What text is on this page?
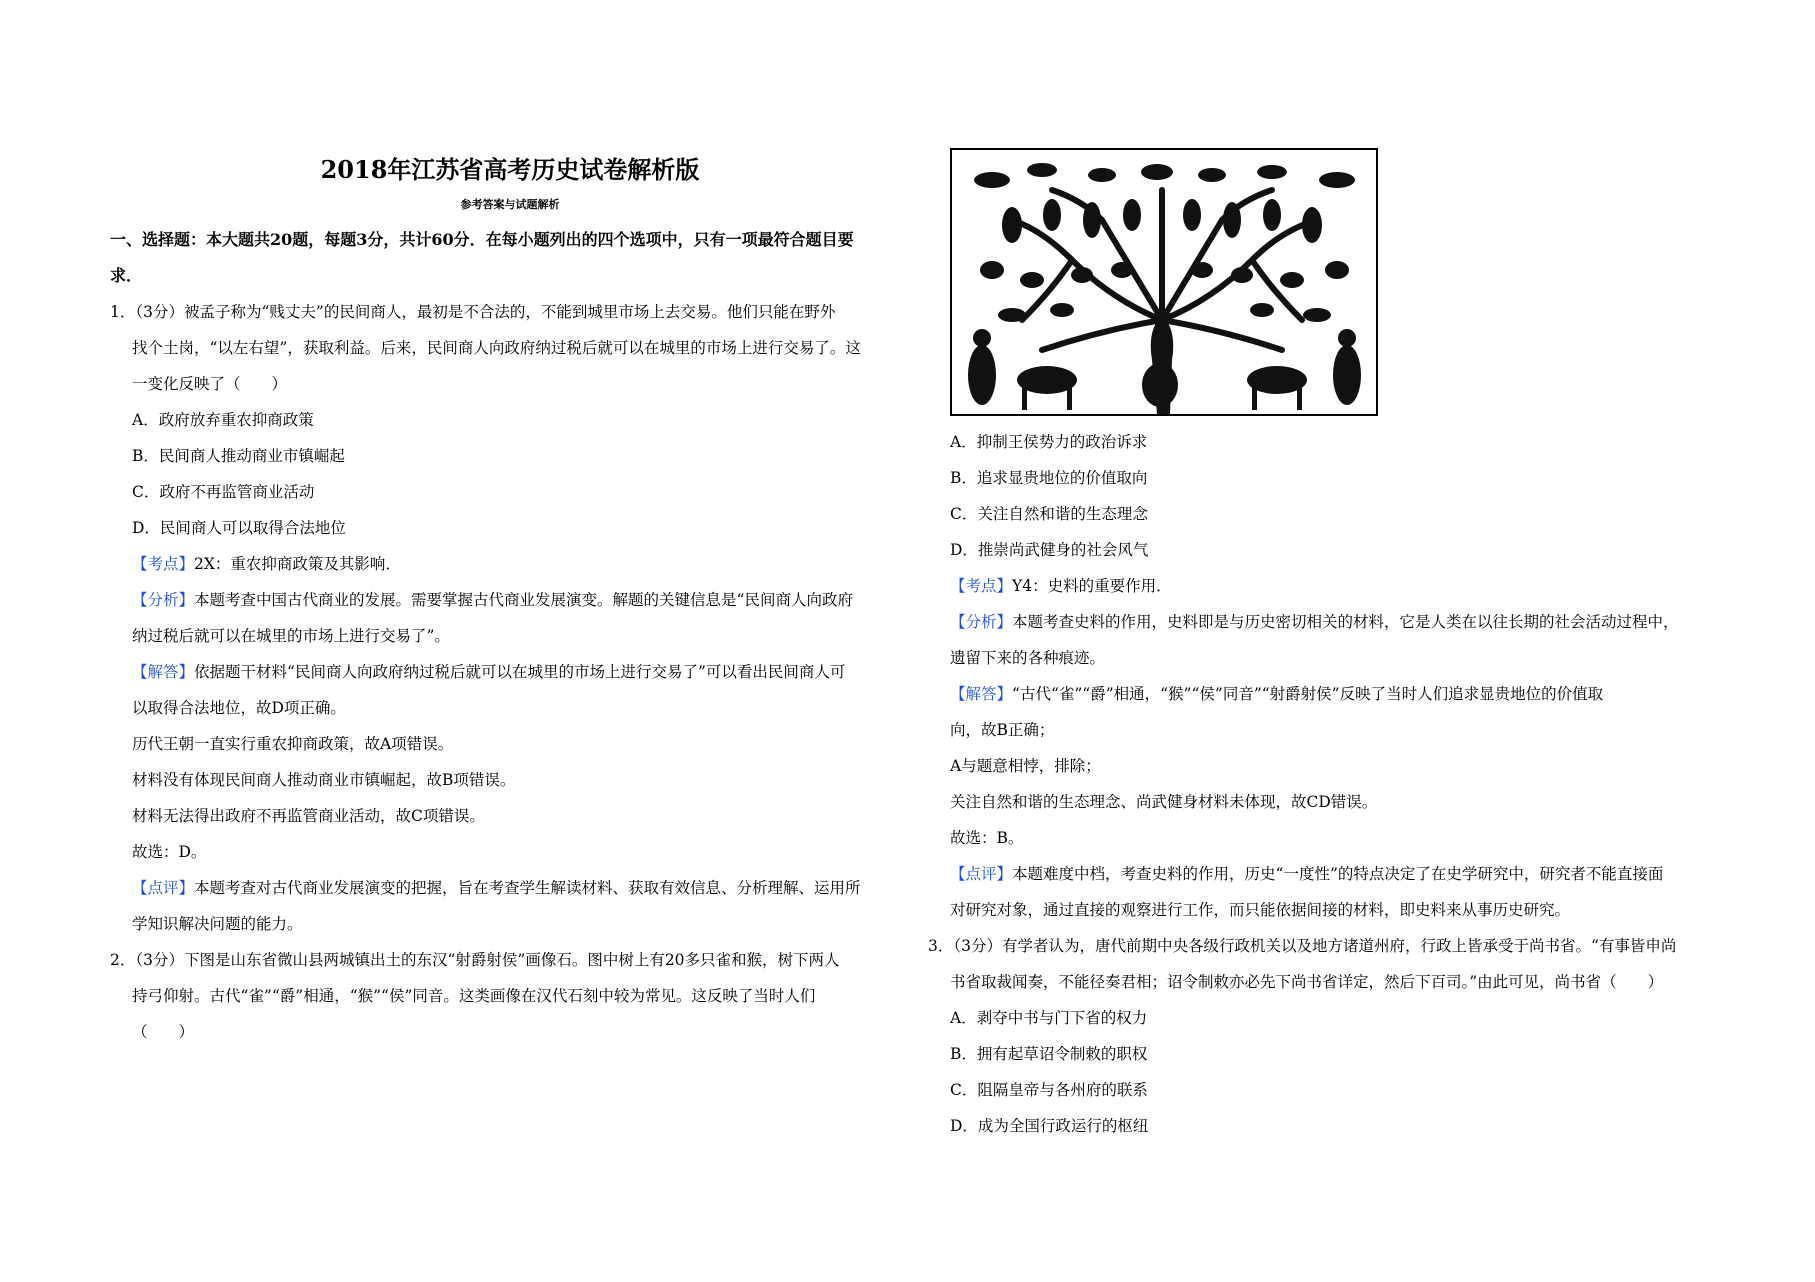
2018年江苏省高考历史试卷解析版
参考答案与试题解析
一、选择题：本大题共20题，每题3分，共计60分．在每小题列出的四个选项中，只有一项最符合题目要
求．
1．（3分）被孟子称为“贱丈夫”的民间商人，最初是不合法的，不能到城里市场上去交易。他们只能在野外
找个土岗，“以左右望”，获取利益。后来，民间商人向政府纳过税后就可以在城里的市场上进行交易了。这
一变化反映了（　　）
A．政府放弃重农抑商政策
B．民间商人推动商业市镇崛起
C．政府不再监管商业活动
D．民间商人可以取得合法地位
【考点】2X：重农抑商政策及其影响．
【分析】本题考查中国古代商业的发展。需要掌握古代商业发展演变。解题的关键信息是“民间商人向政府
纳过税后就可以在城里的市场上进行交易了”。
【解答】依据题干材料“民间商人向政府纳过税后就可以在城里的市场上进行交易了”可以看出民间商人可
以取得合法地位，故D项正确。
历代王朝一直实行重农抑商政策，故A项错误。
材料没有体现民间商人推动商业市镇崛起，故B项错误。
材料无法得出政府不再监管商业活动，故C项错误。
故选：D。
【点评】本题考查对古代商业发展演变的把握，旨在考查学生解读材料、获取有效信息、分析理解、运用所
学知识解决问题的能力。
2．（3分）下图是山东省微山县两城镇出土的东汉“射爵射侯”画像石。图中树上有20多只雀和猴，树下两人
持弓仰射。古代“雀”“爵”相通，“猴”“侯”同音。这类画像在汉代石刻中较为常见。这反映了当时人们
（　　）
A．抑制王侯势力的政治诉求
B．追求显贵地位的价值取向
C．关注自然和谐的生态理念
D．推崇尚武健身的社会风气
【考点】Y4：史料的重要作用．
【分析】本题考查史料的作用，史料即是与历史密切相关的材料，它是人类在以往长期的社会活动过程中，
遗留下来的各种痕迹。
【解答】“古代“雀”“爵”相通，“猴”“侯”同音”“射爵射侯”反映了当时人们追求显贵地位的价值取
向，故B正确；
A与题意相悖，排除；
关注自然和谐的生态理念、尚武健身材料未体现，故CD错误。
故选：B。
【点评】本题难度中档，考查史料的作用，历史“一度性”的特点决定了在史学研究中，研究者不能直接面
对研究对象，通过直接的观察进行工作，而只能依据间接的材料，即史料来从事历史研究。
3．（3分）有学者认为，唐代前期中央各级行政机关以及地方诸道州府，行政上皆承受于尚书省。“有事皆申尚
书省取裁闻奏，不能径奏君相；诏令制敕亦必先下尚书省详定，然后下百司。”由此可见，尚书省（　　）
A．剥夺中书与门下省的权力
B．拥有起草诏令制敕的职权
C．阻隔皇帝与各州府的联系
D．成为全国行政运行的枢纽
